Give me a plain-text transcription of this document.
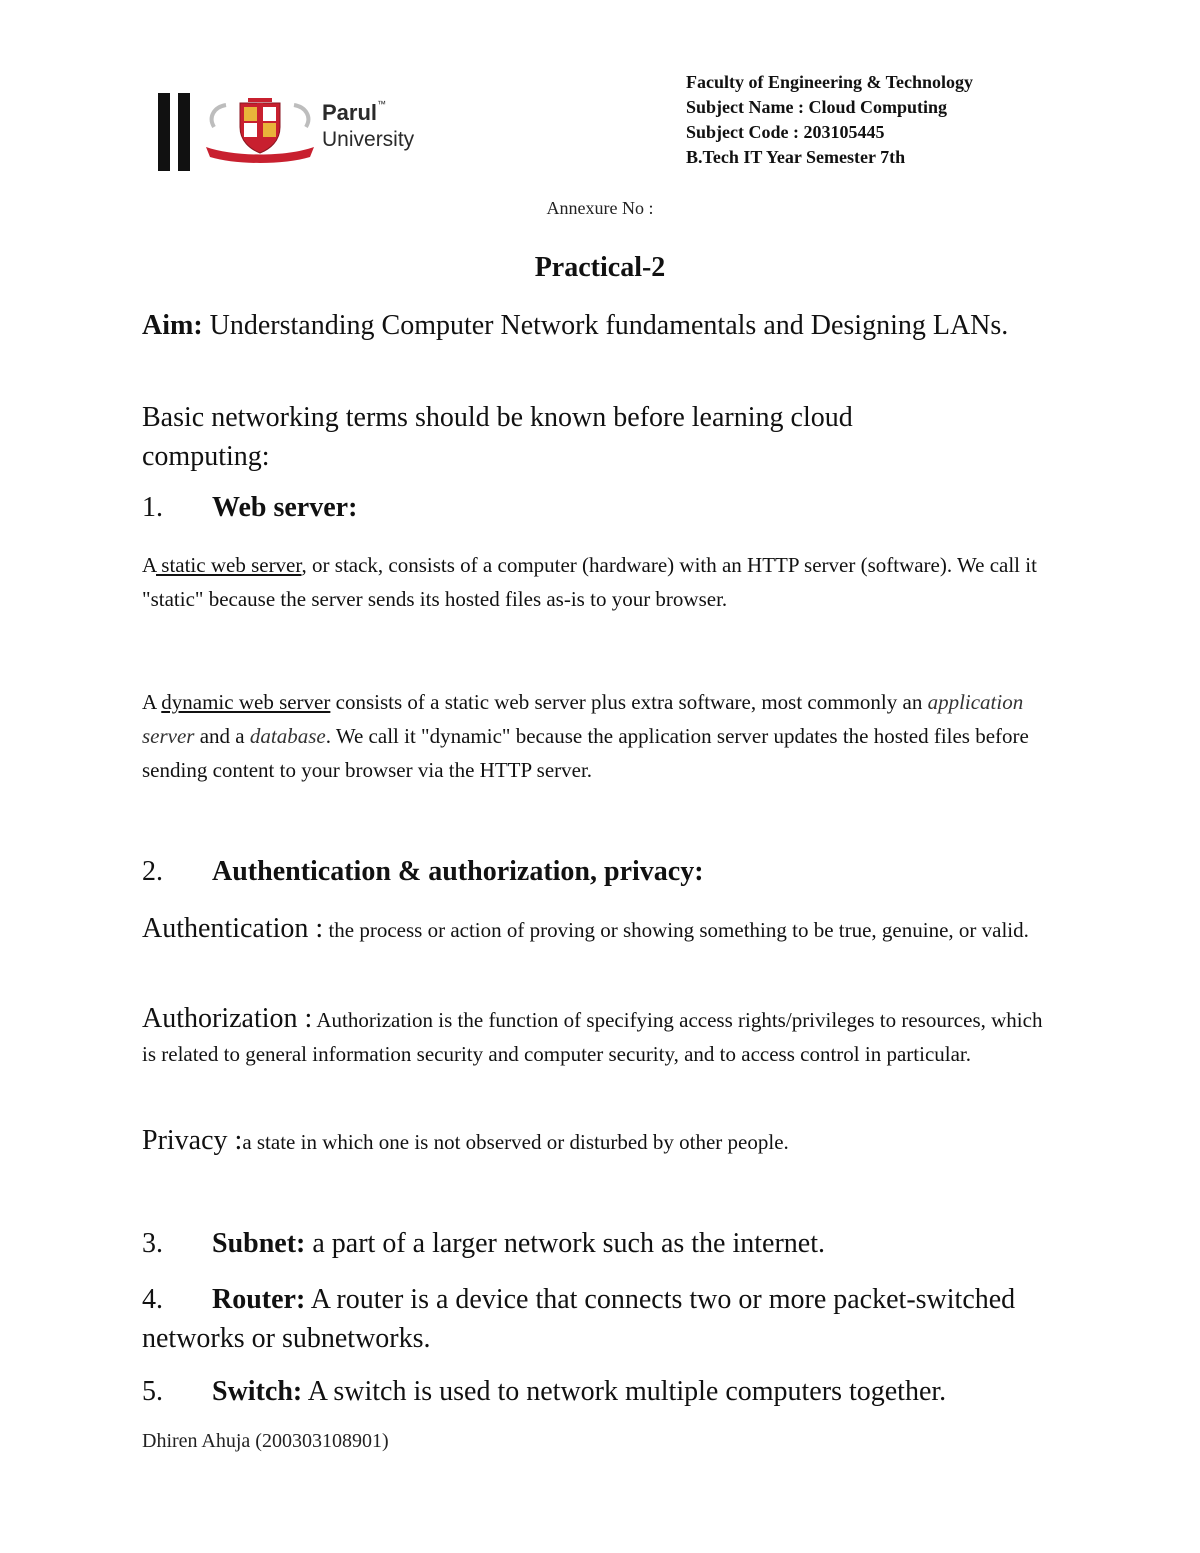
Parul™
University
Faculty of Engineering & Technology
Subject Name : Cloud Computing
Subject Code : 203105445
B.Tech IT Year Semester 7th
Annexure No :
Practical-2
Aim: Understanding Computer Network fundamentals and Designing LANs.
Basic networking terms should be known before learning cloud computing:
1. Web server:
A static web server, or stack, consists of a computer (hardware) with an HTTP server (software). We call it "static" because the server sends its hosted files as-is to your browser.
A dynamic web server consists of a static web server plus extra software, most commonly an application server and a database. We call it "dynamic" because the application server updates the hosted files before sending content to your browser via the HTTP server.
2. Authentication & authorization, privacy:
Authentication : the process or action of proving or showing something to be true, genuine, or valid.
Authorization : Authorization is the function of specifying access rights/privileges to resources, which is related to general information security and computer security, and to access control in particular.
Privacy :a state in which one is not observed or disturbed by other people.
3. Subnet: a part of a larger network such as the internet.
4. Router: A router is a device that connects two or more packet-switched networks or subnetworks.
5. Switch: A switch is used to network multiple computers together.
Dhiren Ahuja (200303108901)
